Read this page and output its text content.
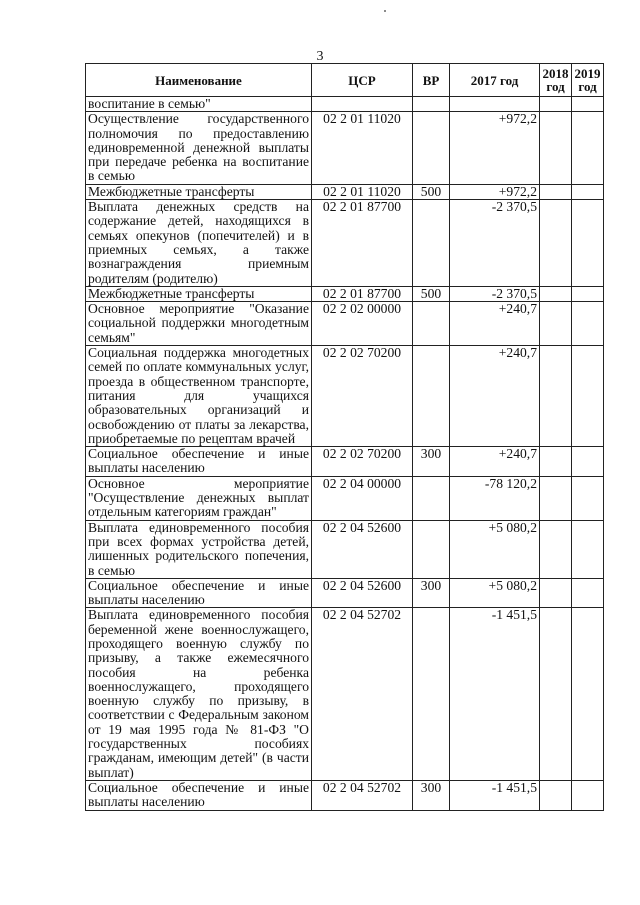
3
Наименование	ЦСР	ВР	2017 год	2018 год	2019 год
воспитание в семью"					
Осуществление государственного полномочия по предоставлению единовременной денежной выплаты при передаче ребенка на воспитание в семью	02 2 01 11020		+972,2		
Межбюджетные трансферты	02 2 01 11020	500	+972,2		
Выплата денежных средств на содержание детей, находящихся в семьях опекунов (попечителей) и в приемных семьях, а также вознаграждения приемным родителям (родителю)	02 2 01 87700		-2 370,5		
Межбюджетные трансферты	02 2 01 87700	500	-2 370,5		
Основное мероприятие "Оказание социальной поддержки многодетным семьям"	02 2 02 00000		+240,7		
Социальная поддержка многодетных семей по оплате коммунальных услуг, проезда в общественном транспорте, питания для учащихся образовательных организаций и освобождению от платы за лекарства, приобретаемые по рецептам врачей	02 2 02 70200		+240,7		
Социальное обеспечение и иные выплаты населению	02 2 02 70200	300	+240,7		
Основное мероприятие "Осуществление денежных выплат отдельным категориям граждан"	02 2 04 00000		-78 120,2		
Выплата единовременного пособия при всех формах устройства детей, лишенных родительского попечения, в семью	02 2 04 52600		+5 080,2		
Социальное обеспечение и иные выплаты населению	02 2 04 52600	300	+5 080,2		
Выплата единовременного пособия беременной жене военнослужащего, проходящего военную службу по призыву, а также ежемесячного пособия на ребенка военнослужащего, проходящего военную службу по призыву, в соответствии с Федеральным законом от 19 мая 1995 года № 81-ФЗ "О государственных пособиях гражданам, имеющим детей" (в части выплат)	02 2 04 52702		-1 451,5		
Социальное обеспечение и иные выплаты населению	02 2 04 52702	300	-1 451,5		
